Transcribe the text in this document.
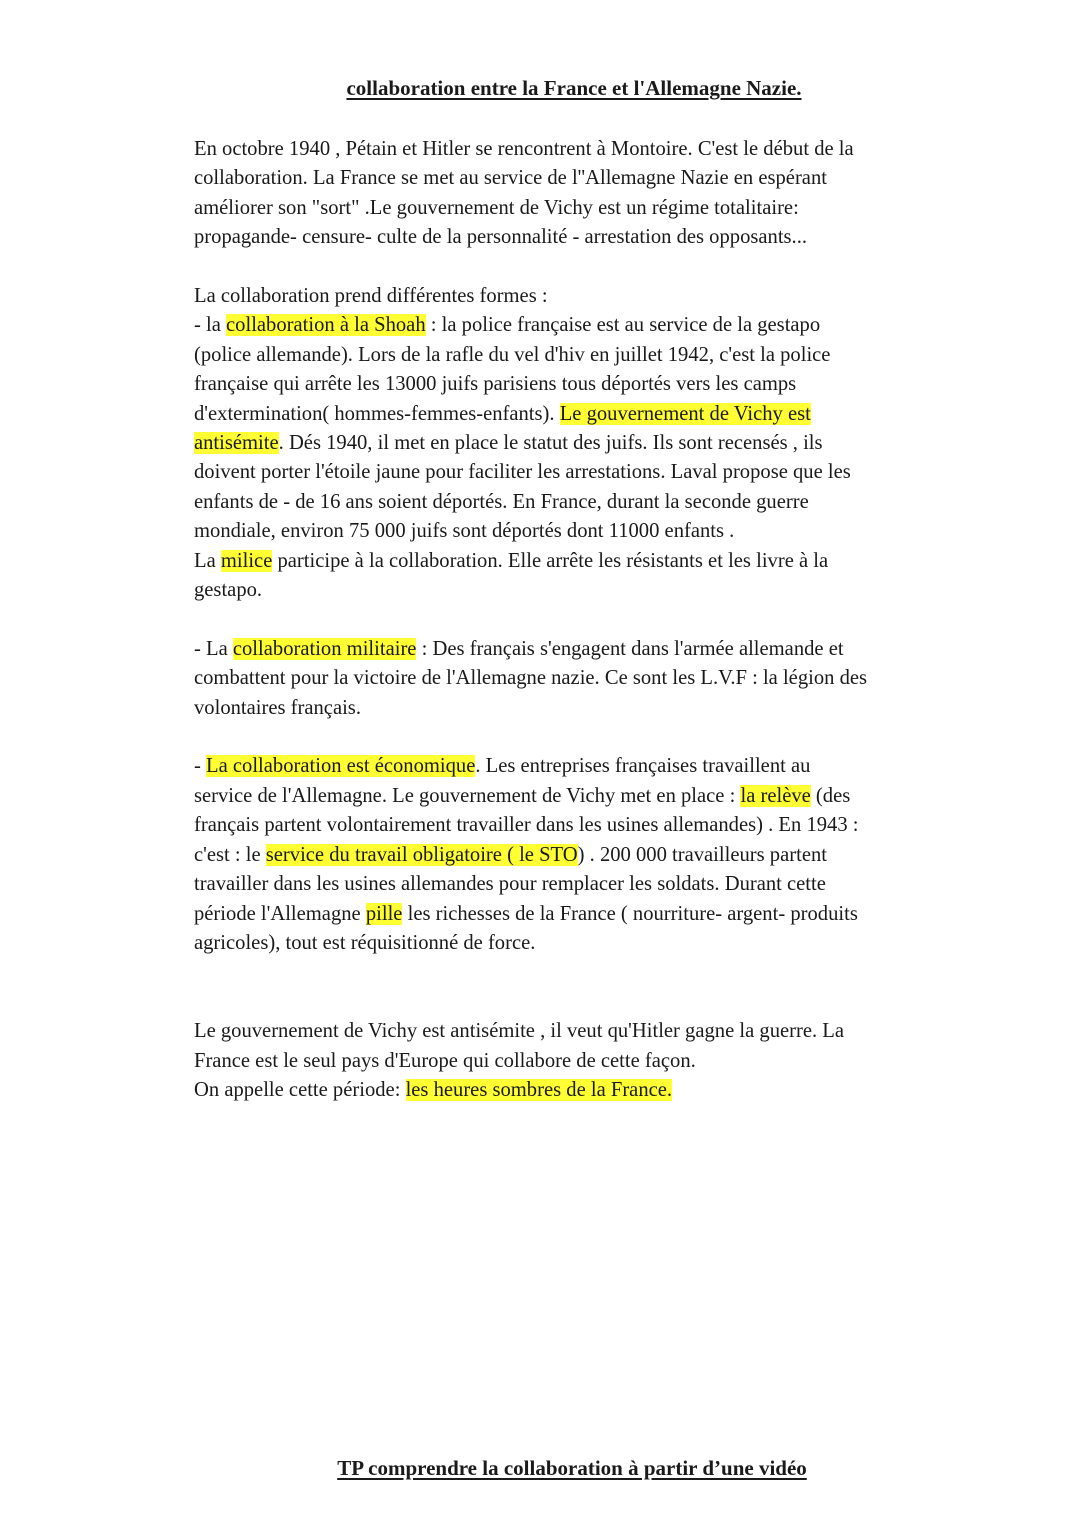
collaboration entre la France et l'Allemagne Nazie.
En octobre 1940 , Pétain et Hitler se rencontrent à Montoire. C'est le début de la
collaboration. La France se met au service de l''Allemagne Nazie en espérant
améliorer son "sort" .Le gouvernement de Vichy est un régime totalitaire:
propagande- censure- culte de la personnalité - arrestation des opposants...
La collaboration prend différentes formes :
- la collaboration à la Shoah : la police française est au service de la gestapo
(police allemande). Lors de la rafle du vel d'hiv en juillet 1942, c'est la police
française qui arrête les 13000 juifs parisiens tous déportés vers les camps
d'extermination( hommes-femmes-enfants). Le gouvernement de Vichy est
antisémite. Dés 1940, il met en place le statut des juifs. Ils sont recensés , ils
doivent porter l'étoile jaune pour faciliter les arrestations. Laval propose que les
enfants de - de 16 ans soient déportés. En France, durant la seconde guerre
mondiale, environ 75 000 juifs sont déportés dont 11000 enfants .
La milice participe à la collaboration. Elle arrête les résistants et les livre à la
gestapo.
- La collaboration militaire : Des français s'engagent dans l'armée allemande et
combattent pour la victoire de l'Allemagne nazie. Ce sont les L.V.F : la légion des
volontaires français.
- La collaboration est économique. Les entreprises françaises travaillent au
service de l'Allemagne. Le gouvernement de Vichy met en place : la relève (des
français partent volontairement travailler dans les usines allemandes) . En 1943 :
c'est : le service du travail obligatoire ( le STO) . 200 000 travailleurs partent
travailler dans les usines allemandes pour remplacer les soldats. Durant cette
période l'Allemagne pille les richesses de la France ( nourriture- argent- produits
agricoles), tout est réquisitionné de force.
Le gouvernement de Vichy est antisémite , il veut qu'Hitler gagne la guerre. La
France est le seul pays d'Europe qui collabore de cette façon.
On appelle cette période: les heures sombres de la France.
TP comprendre la collaboration à partir d’une vidéo
